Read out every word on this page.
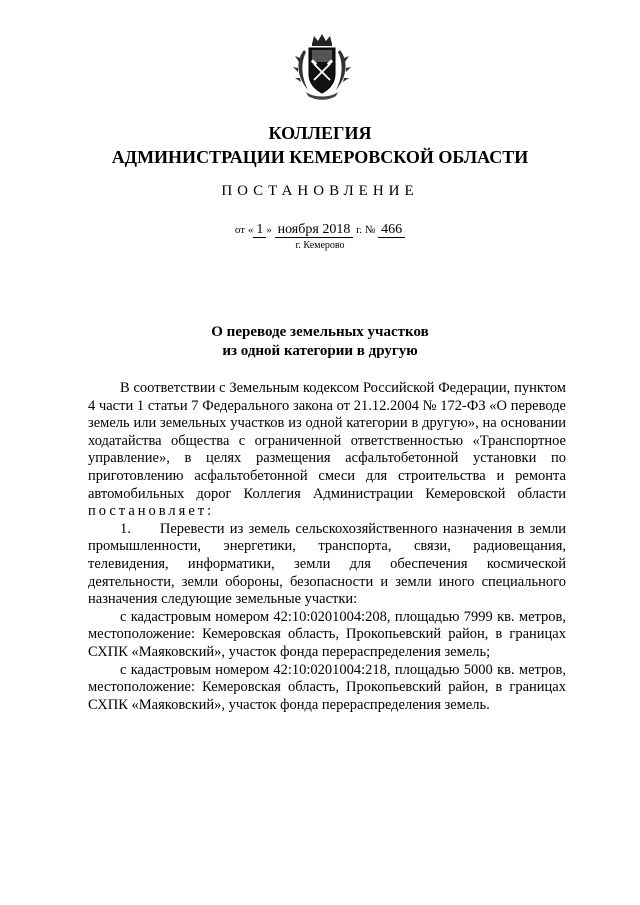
КОЛЛЕГИЯ
АДМИНИСТРАЦИИ КЕМЕРОВСКОЙ ОБЛАСТИ
ПОСТАНОВЛЕНИЕ
от « 1 » ноября 2018 г. № 466
г. Кемерово
О переводе земельных участков
из одной категории в другую

В соответствии с Земельным кодексом Российской Федерации, пунктом 4 части 1 статьи 7 Федерального закона от 21.12.2004 № 172-ФЗ «О переводе земель или земельных участков из одной категории в другую», на основании ходатайства общества с ограниченной ответственностью «Транспортное управление», в целях размещения асфальтобетонной установки по приготовлению асфальтобетонной смеси для строительства и ремонта автомобильных дорог Коллегия Администрации Кемеровской области постановляет:

1.  Перевести из земель сельскохозяйственного назначения в земли промышленности, энергетики, транспорта, связи, радиовещания, телевидения, информатики, земли для обеспечения космической деятельности, земли обороны, безопасности и земли иного специального назначения следующие земельные участки:

с кадастровым номером 42:10:0201004:208, площадью 7999 кв. метров, местоположение: Кемеровская область, Прокопьевский район, в границах СХПК «Маяковский», участок фонда перераспределения земель;

с кадастровым номером 42:10:0201004:218, площадью 5000 кв. метров, местоположение: Кемеровская область, Прокопьевский район, в границах СХПК «Маяковский», участок фонда перераспределения земель.
